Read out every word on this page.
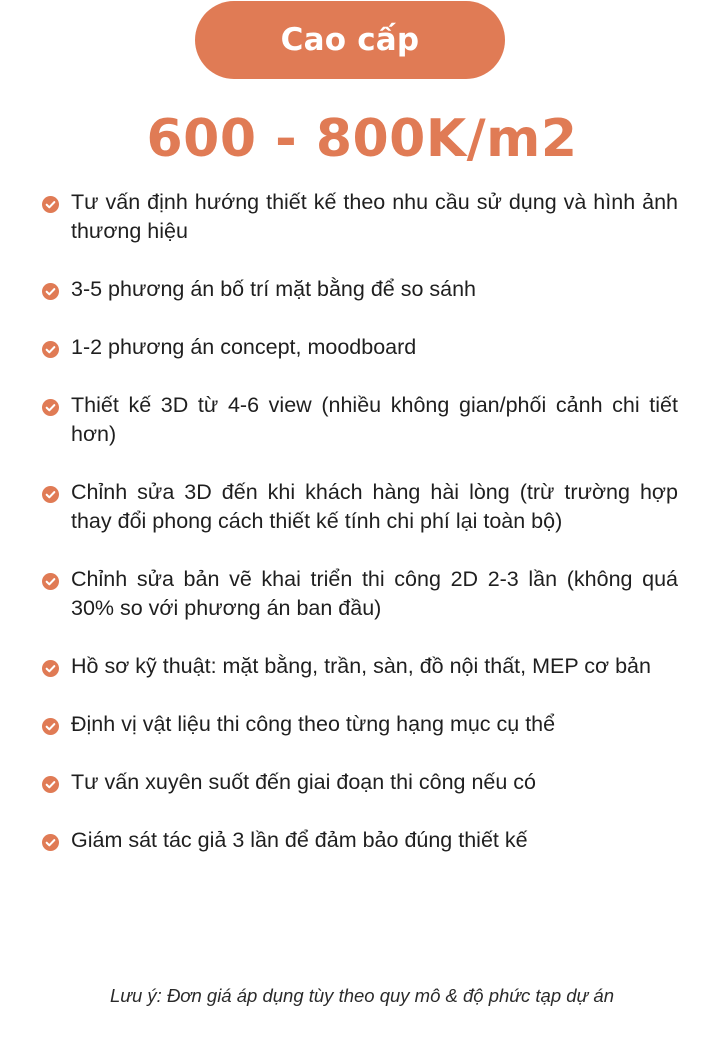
Cao cấp
600 - 800K/m2
Tư vấn định hướng thiết kế theo nhu cầu sử dụng và hình ảnh thương hiệu
3-5 phương án bố trí mặt bằng để so sánh
1-2 phương án concept, moodboard
Thiết kế 3D từ 4-6 view (nhiều không gian/phối cảnh chi tiết hơn)
Chỉnh sửa 3D đến khi khách hàng hài lòng (trừ trường hợp thay đổi phong cách thiết kế tính chi phí lại toàn bộ)
Chỉnh sửa bản vẽ khai triển thi công 2D 2-3 lần (không quá 30% so với phương án ban đầu)
Hồ sơ kỹ thuật: mặt bằng, trần, sàn, đồ nội thất, MEP cơ bản
Định vị vật liệu thi công theo từng hạng mục cụ thể
Tư vấn xuyên suốt đến giai đoạn thi công nếu có
Giám sát tác giả 3 lần để đảm bảo đúng thiết kế
Lưu ý: Đơn giá áp dụng tùy theo quy mô & độ phức tạp dự án
